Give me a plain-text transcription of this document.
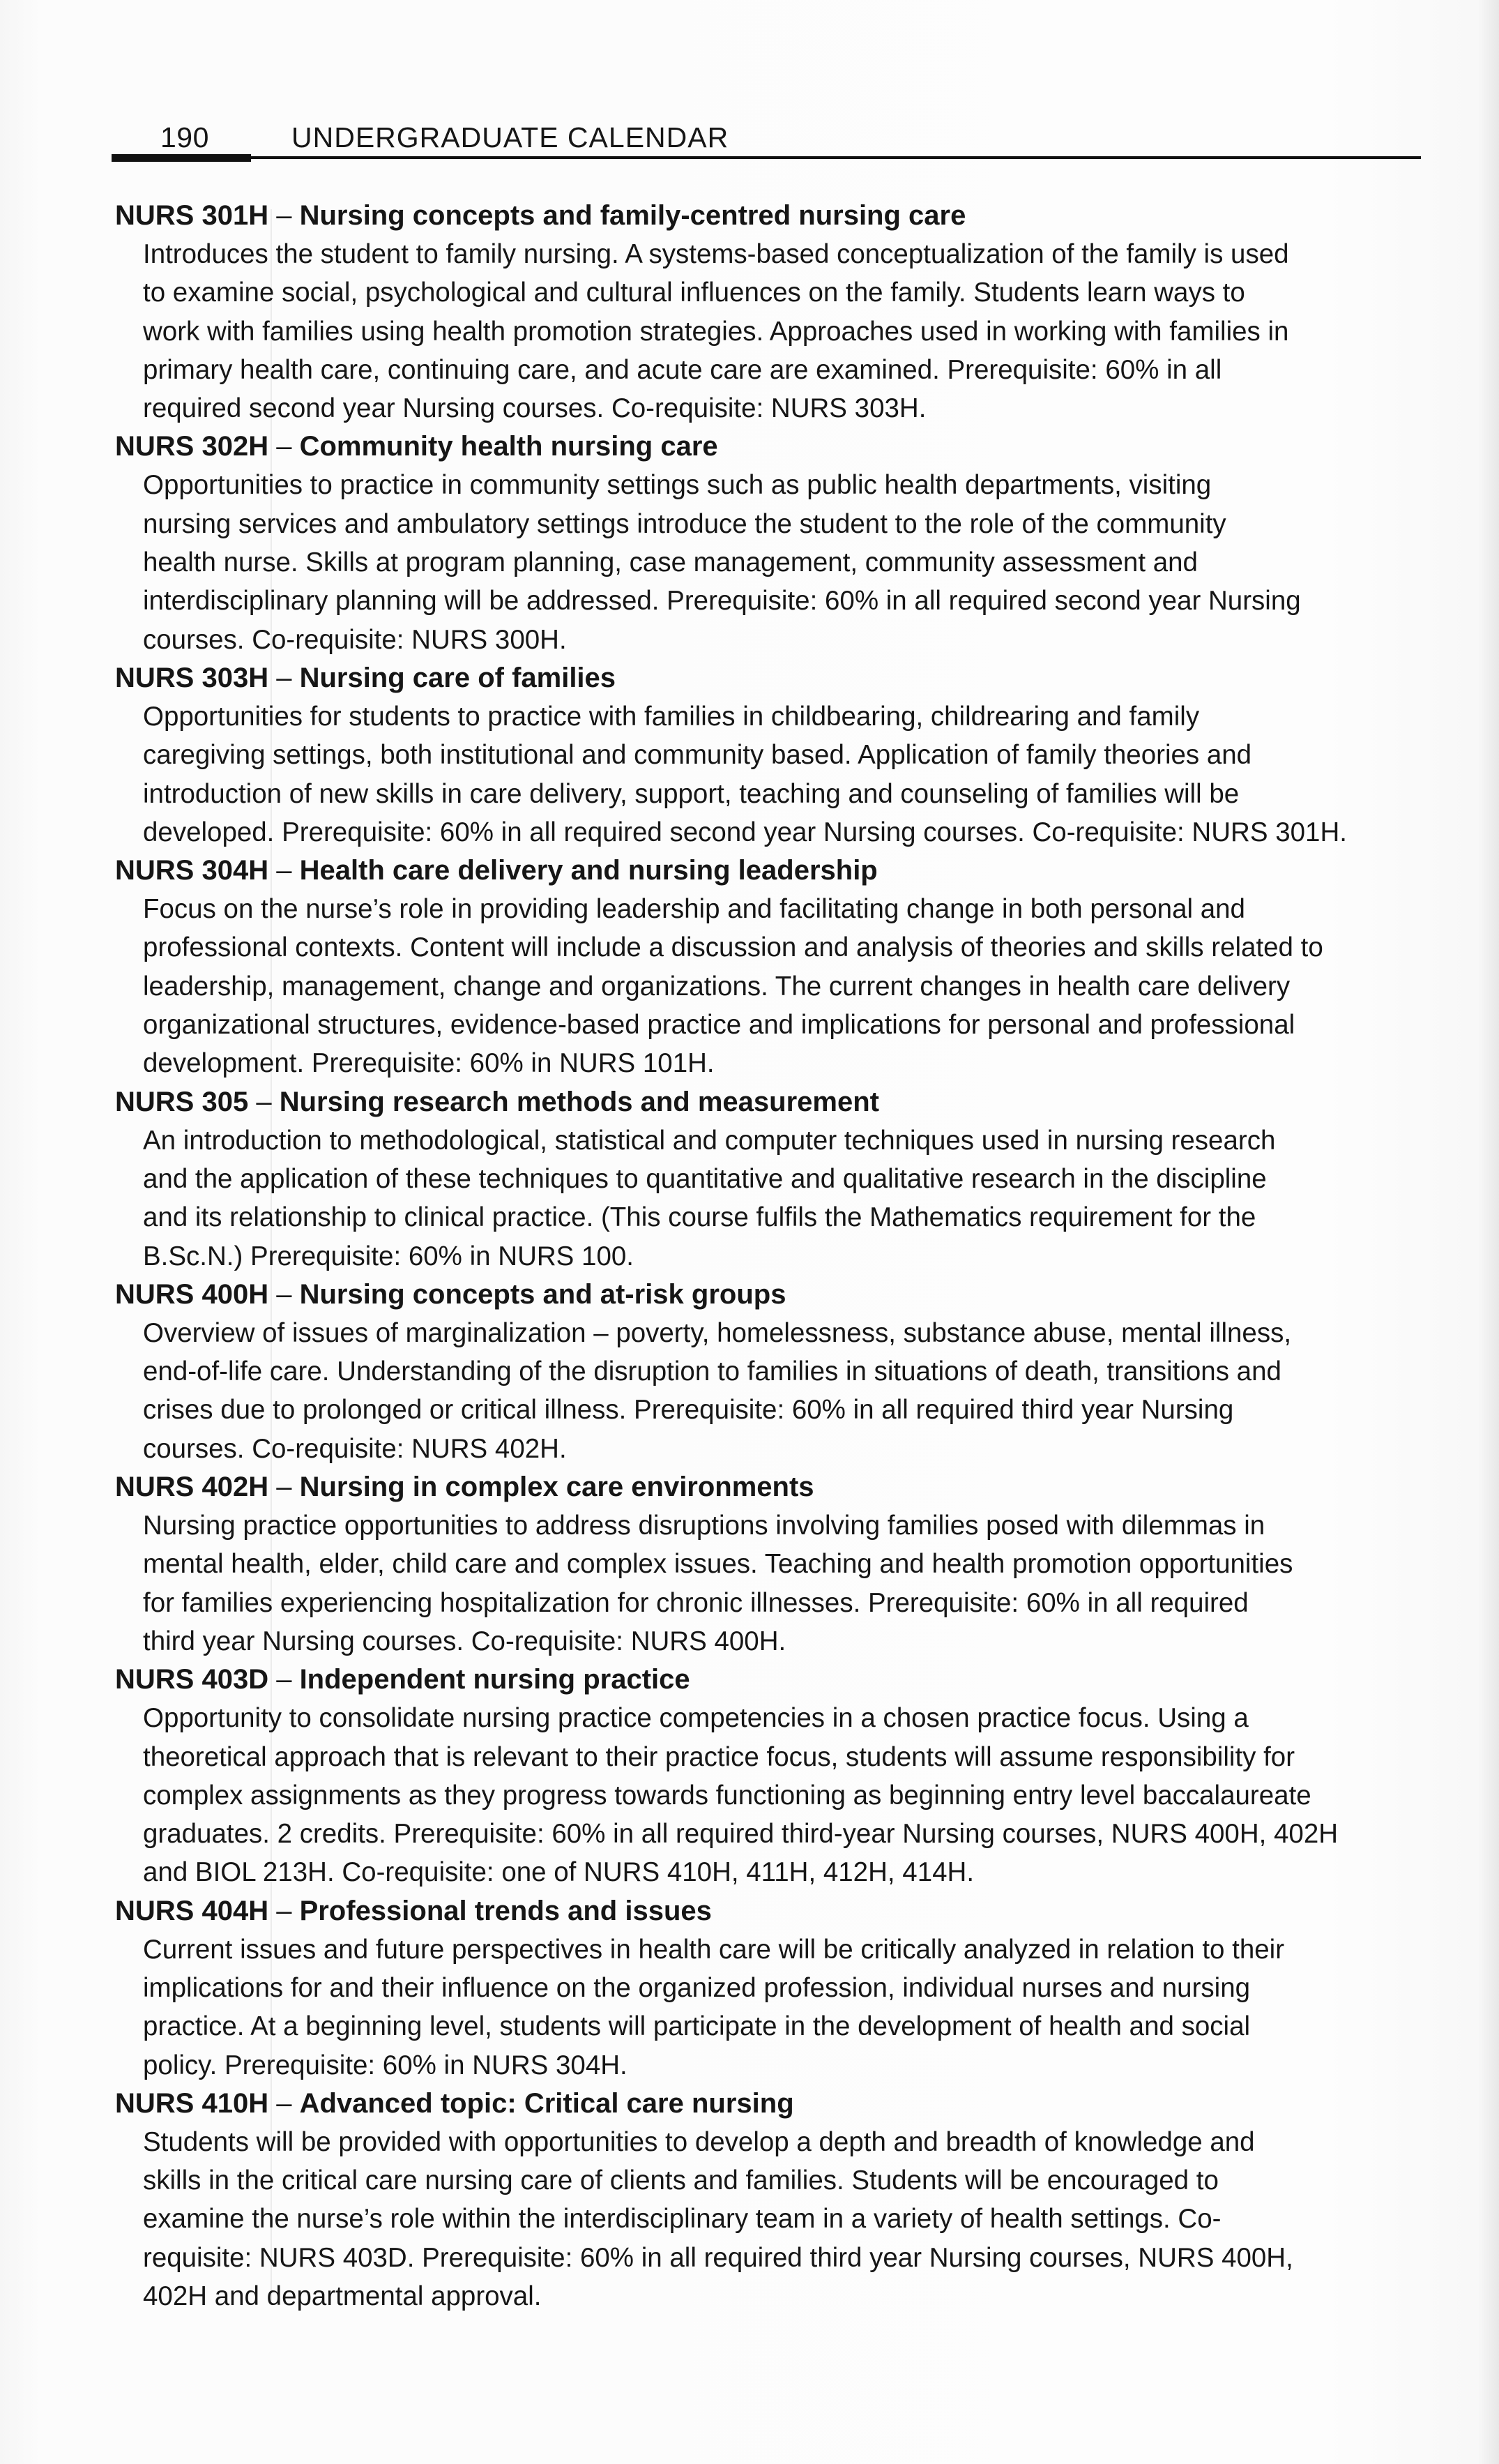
190	UNDERGRADUATE CALENDAR

NURS 301H – Nursing concepts and family-centred nursing care

Introduces the student to family nursing. A systems-based conceptualization of the family is used
to examine social, psychological and cultural influences on the family. Students learn ways to
work with families using health promotion strategies. Approaches used in working with families in
primary health care, continuing care, and acute care are examined. Prerequisite: 60% in all
required second year Nursing courses. Co-requisite: NURS 303H.

NURS 302H – Community health nursing care

Opportunities to practice in community settings such as public health departments, visiting
nursing services and ambulatory settings introduce the student to the role of the community
health nurse. Skills at program planning, case management, community assessment and
interdisciplinary planning will be addressed. Prerequisite: 60% in all required second year Nursing
courses. Co-requisite: NURS 300H.

NURS 303H – Nursing care of families

Opportunities for students to practice with families in childbearing, childrearing and family
caregiving settings, both institutional and community based. Application of family theories and
introduction of new skills in care delivery, support, teaching and counseling of families will be
developed. Prerequisite: 60% in all required second year Nursing courses. Co-requisite: NURS 301H.

NURS 304H – Health care delivery and nursing leadership

Focus on the nurse’s role in providing leadership and facilitating change in both personal and
professional contexts. Content will include a discussion and analysis of theories and skills related to
leadership, management, change and organizations. The current changes in health care delivery
organizational structures, evidence-based practice and implications for personal and professional
development. Prerequisite: 60% in NURS 101H.

NURS 305 – Nursing research methods and measurement

An introduction to methodological, statistical and computer techniques used in nursing research
and the application of these techniques to quantitative and qualitative research in the discipline
and its relationship to clinical practice. (This course fulfils the Mathematics requirement for the
B.Sc.N.) Prerequisite: 60% in NURS 100.

NURS 400H – Nursing concepts and at-risk groups

Overview of issues of marginalization – poverty, homelessness, substance abuse, mental illness,
end-of-life care. Understanding of the disruption to families in situations of death, transitions and
crises due to prolonged or critical illness. Prerequisite: 60% in all required third year Nursing
courses. Co-requisite: NURS 402H.

NURS 402H – Nursing in complex care environments

Nursing practice opportunities to address disruptions involving families posed with dilemmas in
mental health, elder, child care and complex issues. Teaching and health promotion opportunities
for families experiencing hospitalization for chronic illnesses. Prerequisite: 60% in all required
third year Nursing courses. Co-requisite: NURS 400H.

NURS 403D – Independent nursing practice

Opportunity to consolidate nursing practice competencies in a chosen practice focus. Using a
theoretical approach that is relevant to their practice focus, students will assume responsibility for
complex assignments as they progress towards functioning as beginning entry level baccalaureate
graduates. 2 credits. Prerequisite: 60% in all required third-year Nursing courses, NURS 400H, 402H
and BIOL 213H. Co-requisite: one of NURS 410H, 411H, 412H, 414H.

NURS 404H – Professional trends and issues

Current issues and future perspectives in health care will be critically analyzed in relation to their
implications for and their influence on the organized profession, individual nurses and nursing
practice. At a beginning level, students will participate in the development of health and social
policy. Prerequisite: 60% in NURS 304H.

NURS 410H – Advanced topic: Critical care nursing

Students will be provided with opportunities to develop a depth and breadth of knowledge and
skills in the critical care nursing care of clients and families. Students will be encouraged to
examine the nurse’s role within the interdisciplinary team in a variety of health settings. Co-
requisite: NURS 403D. Prerequisite: 60% in all required third year Nursing courses, NURS 400H,
402H and departmental approval.
